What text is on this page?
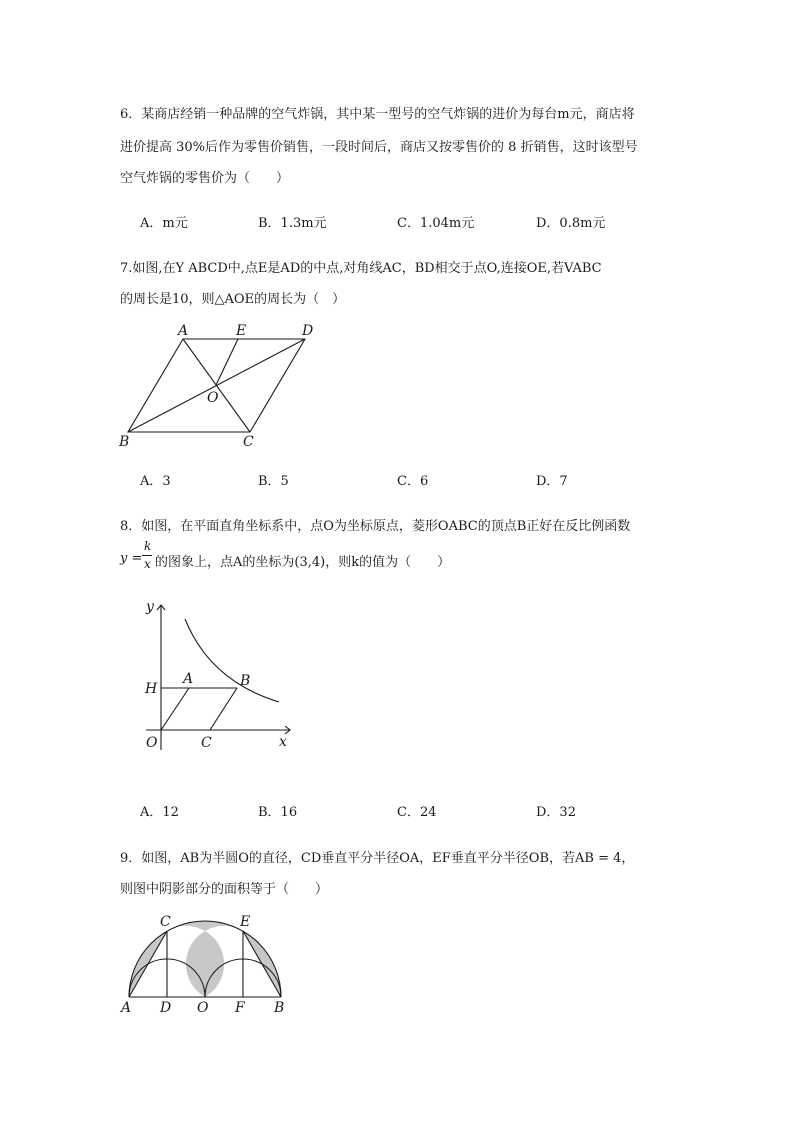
6．某商店经销一种品牌的空气炸锅，其中某一型号的空气炸锅的进价为每台m元，商店将
进价提高 30%后作为零售价销售，一段时间后，商店又按零售价的 8 折销售，这时该型号
空气炸锅的零售价为（　　）
A．m元	B．1.3m元	C．1.04m元	D．0.8m元
7.如图,在Y ABCD中,点E是AD的中点,对角线AC，BD相交于点O,连接OE,若VABC
的周长是10，则△AOE的周长为（　）
A	E	D
O
B	C
A．3	B．5	C．6	D．7
8．如图，在平面直角坐标系中，点O为坐标原点，菱形OABC的顶点B正好在反比例函数
y =
k
x 的图象上，点A的坐标为(3,4)，则k的值为（　　）
y
x
H
A	B
O	C
A．12	B．16	C．24	D．32
9．如图，AB为半圆O的直径，CD垂直平分半径OA，EF垂直平分半径OB，若AB = 4，
则图中阴影部分的面积等于（　　）
C	E
A D O F B
